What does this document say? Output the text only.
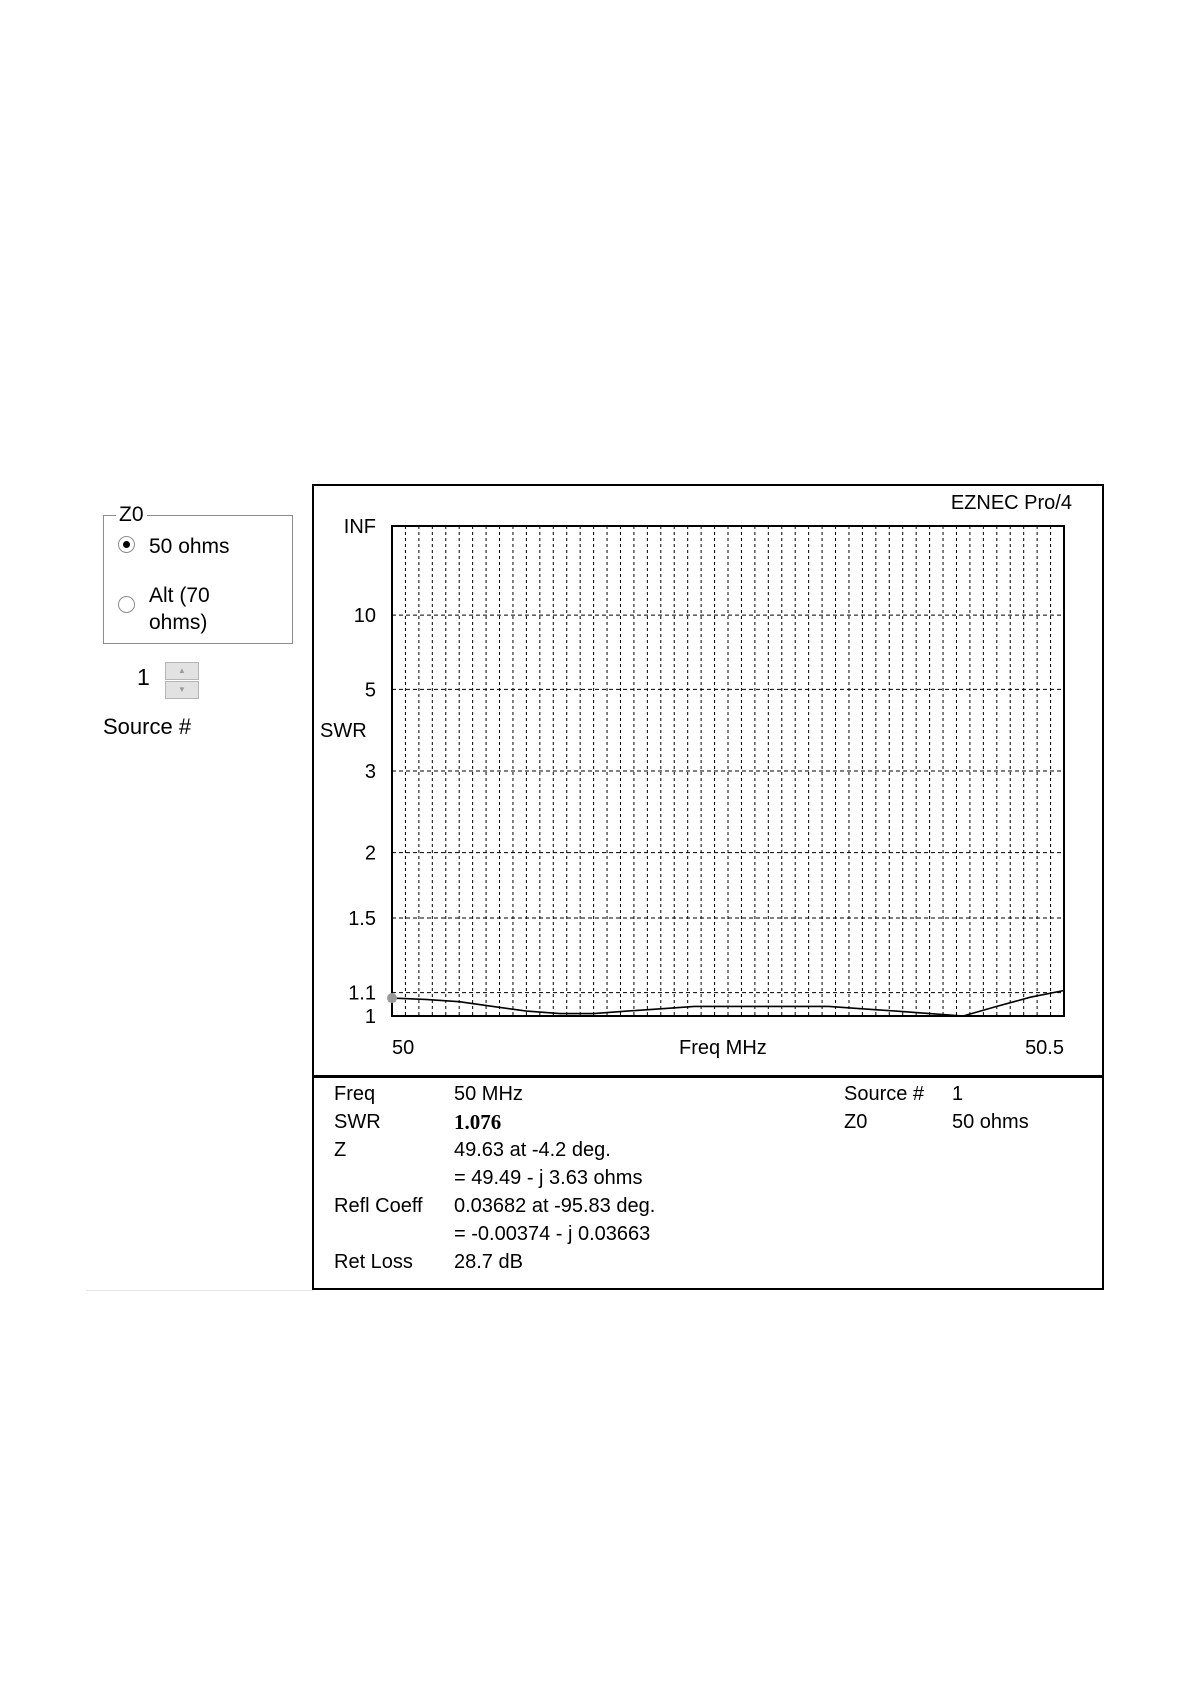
Z0
50 ohms
Alt (70 ohms)
1	▲
▼
Source #
EZNEC Pro/4
INF
10
5
3
2
1.5
1.1
1
50	50.5
SWR
Freq MHz
Freq
SWR
Z

Refl Coeff

Ret Loss
50 MHz
1.076
49.63 at -4.2 deg.
= 49.49 - j 3.63 ohms
0.03682 at -95.83 deg.
= -0.00374 - j 0.03663
28.7 dB
Source #
Z0
1
50 ohms
